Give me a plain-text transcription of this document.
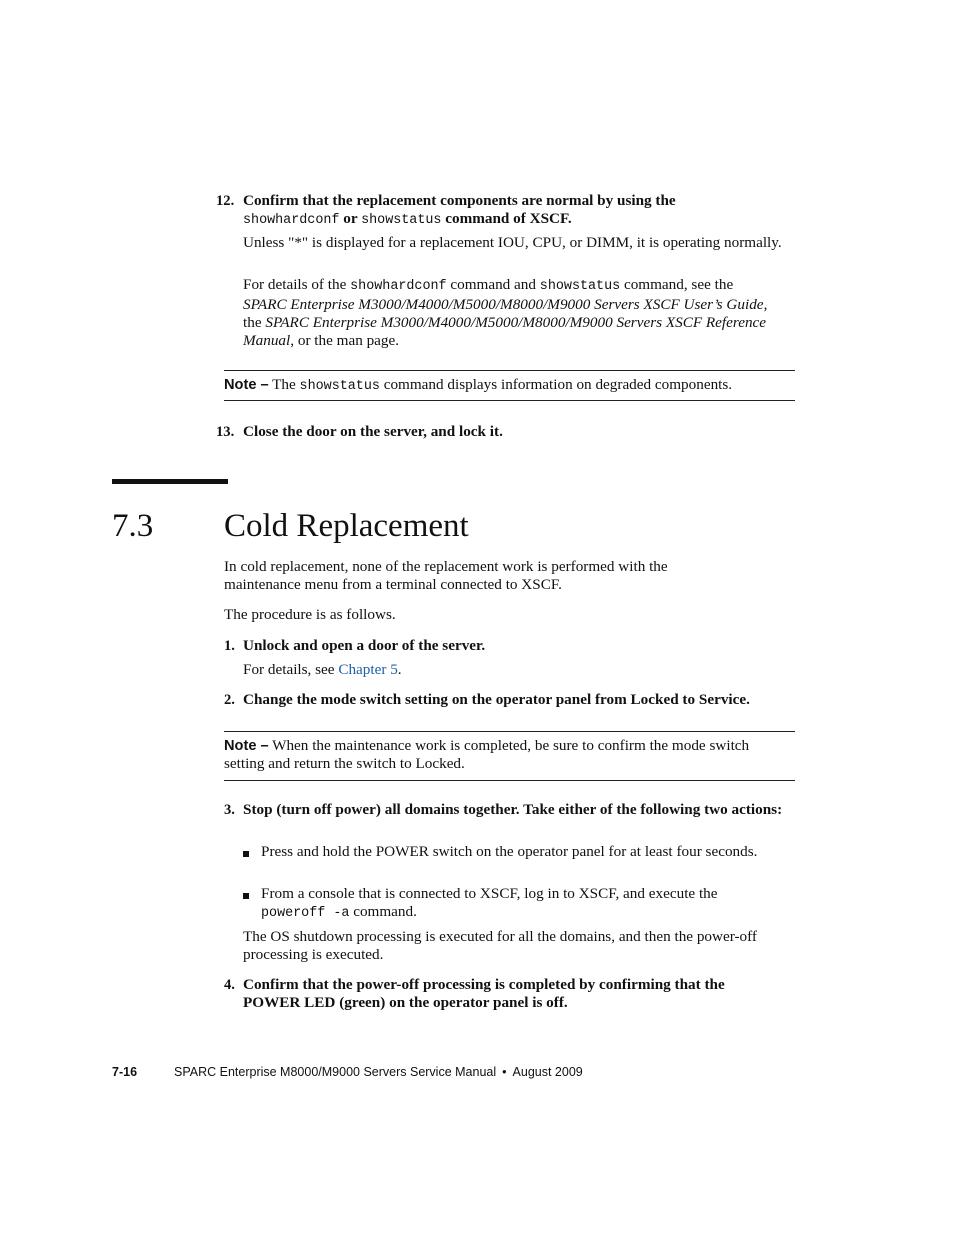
12. Confirm that the replacement components are normal by using the
showhardconf or showstatus command of XSCF.
Unless "*" is displayed for a replacement IOU, CPU, or DIMM, it is operating normally.
For details of the showhardconf command and showstatus command, see the
SPARC Enterprise M3000/M4000/M5000/M8000/M9000 Servers XSCF User’s Guide,
the SPARC Enterprise M3000/M4000/M5000/M8000/M9000 Servers XSCF Reference
Manual, or the man page.
Note – The showstatus command displays information on degraded components.
13. Close the door on the server, and lock it.
7.3 Cold Replacement
In cold replacement, none of the replacement work is performed with the maintenance menu from a terminal connected to XSCF.
The procedure is as follows.
1. Unlock and open a door of the server.
For details, see Chapter 5.
2. Change the mode switch setting on the operator panel from Locked to Service.
Note – When the maintenance work is completed, be sure to confirm the mode switch setting and return the switch to Locked.
3. Stop (turn off power) all domains together. Take either of the following two actions:
Press and hold the POWER switch on the operator panel for at least four seconds.
From a console that is connected to XSCF, log in to XSCF, and execute the
poweroff -a command.
The OS shutdown processing is executed for all the domains, and then the power-off processing is executed.
4. Confirm that the power-off processing is completed by confirming that the POWER LED (green) on the operator panel is off.
7-16	SPARC Enterprise M8000/M9000 Servers Service Manual • August 2009
